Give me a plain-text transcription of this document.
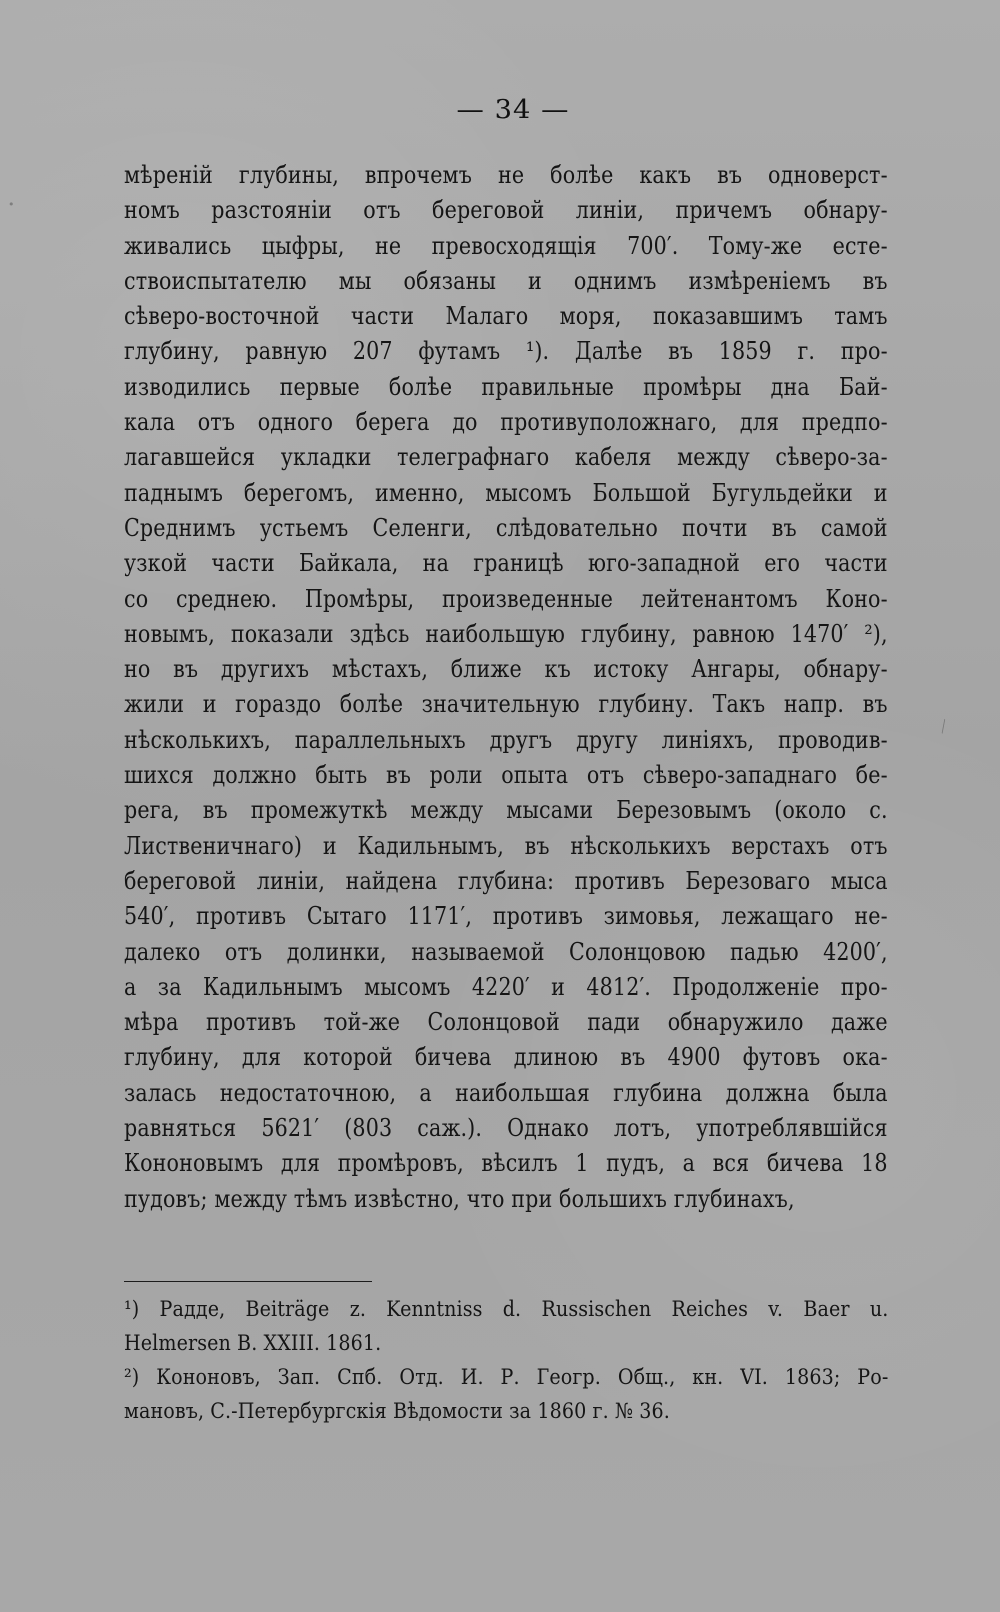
•
╲
— 34 —
мѣреній глубины, впрочемъ не болѣе какъ въ одноверст-
номъ разстояніи отъ береговой линіи, причемъ обнару-
живались цыфры, не превосходящія 700′. Тому-же есте-
ствоиспытателю мы обязаны и однимъ измѣреніемъ въ
сѣверо-восточной части Малаго моря, показавшимъ тамъ
глубину, равную 207 футамъ ¹). Далѣе въ 1859 г. про-
изводились первые болѣе правильные промѣры дна Бай-
кала отъ одного берега до противуположнаго, для предпо-
лагавшейся укладки телеграфнаго кабеля между сѣверо-за-
паднымъ берегомъ, именно, мысомъ Большой Бугульдейки и
Среднимъ устьемъ Селенги, слѣдовательно почти въ самой
узкой части Байкала, на границѣ юго-западной его части
со среднею. Промѣры, произведенные лейтенантомъ Коно-
новымъ, показали здѣсь наибольшую глубину, равною 1470′ ²),
но въ другихъ мѣстахъ, ближе къ истоку Ангары, обнару-
жили и гораздо болѣе значительную глубину. Такъ напр. въ
нѣсколькихъ, параллельныхъ другъ другу линіяхъ, проводив-
шихся должно быть въ роли опыта отъ сѣверо-западнаго бе-
рега, въ промежуткѣ между мысами Березовымъ (около с.
Лиственичнаго) и Кадильнымъ, въ нѣсколькихъ верстахъ отъ
береговой линіи, найдена глубина: противъ Березоваго мыса
540′, противъ Сытаго 1171′, противъ зимовья, лежащаго не-
далеко отъ долинки, называемой Солонцовою падью 4200′,
а за Кадильнымъ мысомъ 4220′ и 4812′. Продолженіе про-
мѣра противъ той-же Солонцовой пади обнаружило даже
глубину, для которой бичева длиною въ 4900 футовъ ока-
залась недостаточною, а наибольшая глубина должна была
равняться 5621′ (803 саж.). Однако лотъ, употреблявшійся
Кононовымъ для промѣровъ, вѣсилъ 1 пудъ, а вся бичева 18
пудовъ; между тѣмъ извѣстно, что при большихъ глубинахъ,
¹) Радде, Beiträge z. Kenntniss d. Russischen Reiches v. Baer u.
Helmersen B. XXIII. 1861.
²) Кононовъ, Зап. Спб. Отд. И. Р. Геогр. Общ., кн. VI. 1863; Ро-
мановъ, С.-Петербургскія Вѣдомости за 1860 г. № 36.
